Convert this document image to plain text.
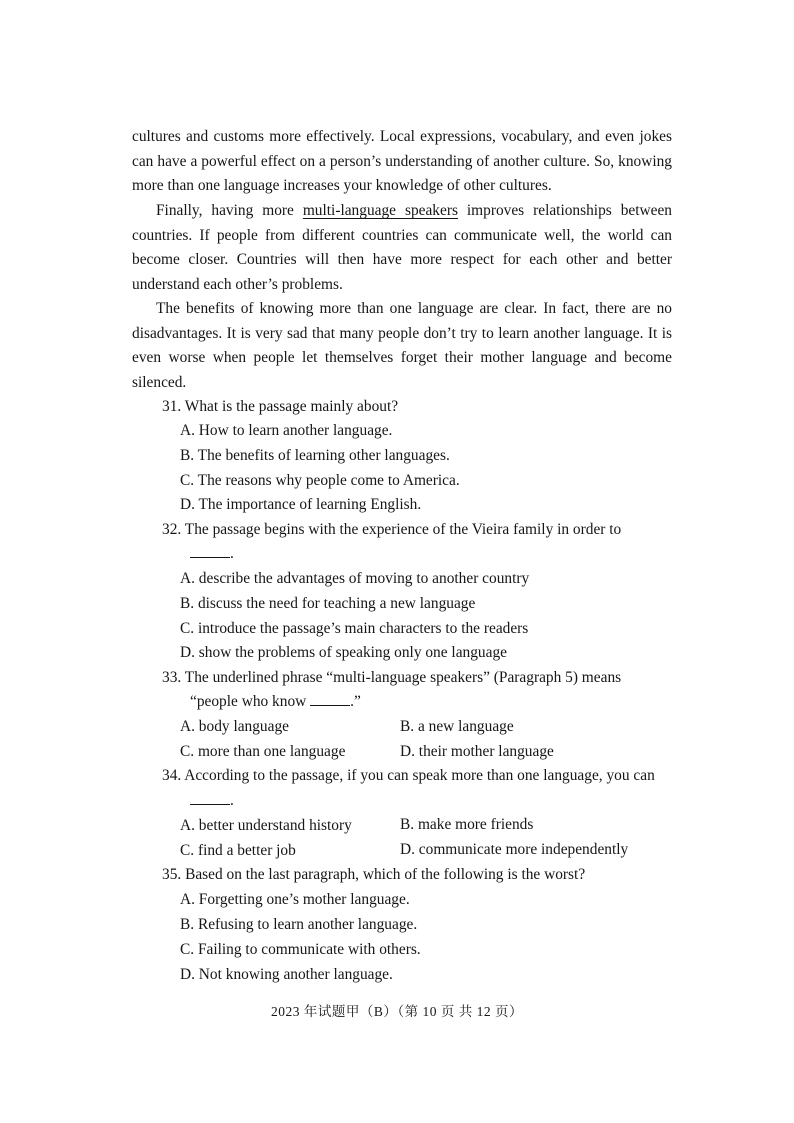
cultures and customs more effectively. Local expressions, vocabulary, and even jokes can have a powerful effect on a person’s understanding of another culture. So, knowing more than one language increases your knowledge of other cultures.

Finally, having more multi-language speakers improves relationships between countries. If people from different countries can communicate well, the world can become closer. Countries will then have more respect for each other and better understand each other’s problems.

The benefits of knowing more than one language are clear. In fact, there are no disadvantages. It is very sad that many people don’t try to learn another language. It is even worse when people let themselves forget their mother language and become silenced.

31. What is the passage mainly about?
A. How to learn another language.
B. The benefits of learning other languages.
C. The reasons why people come to America.
D. The importance of learning English.
32. The passage begins with the experience of the Vieira family in order to
.
A. describe the advantages of moving to another country
B. discuss the need for teaching a new language
C. introduce the passage’s main characters to the readers
D. show the problems of speaking only one language
33. The underlined phrase “multi-language speakers” (Paragraph 5) means
“people who know	.”
A. body language	B. a new language
C. more than one language	D. their mother language
34. According to the passage, if you can speak more than one language, you can
.
A. better understand history	B. make more friends
C. find a better job	D. communicate more independently
35. Based on the last paragraph, which of the following is the worst?
A. Forgetting one’s mother language.
B. Refusing to learn another language.
C. Failing to communicate with others.
D. Not knowing another language.
2023 年试题甲（B）（第 10 页 共 12 页）
